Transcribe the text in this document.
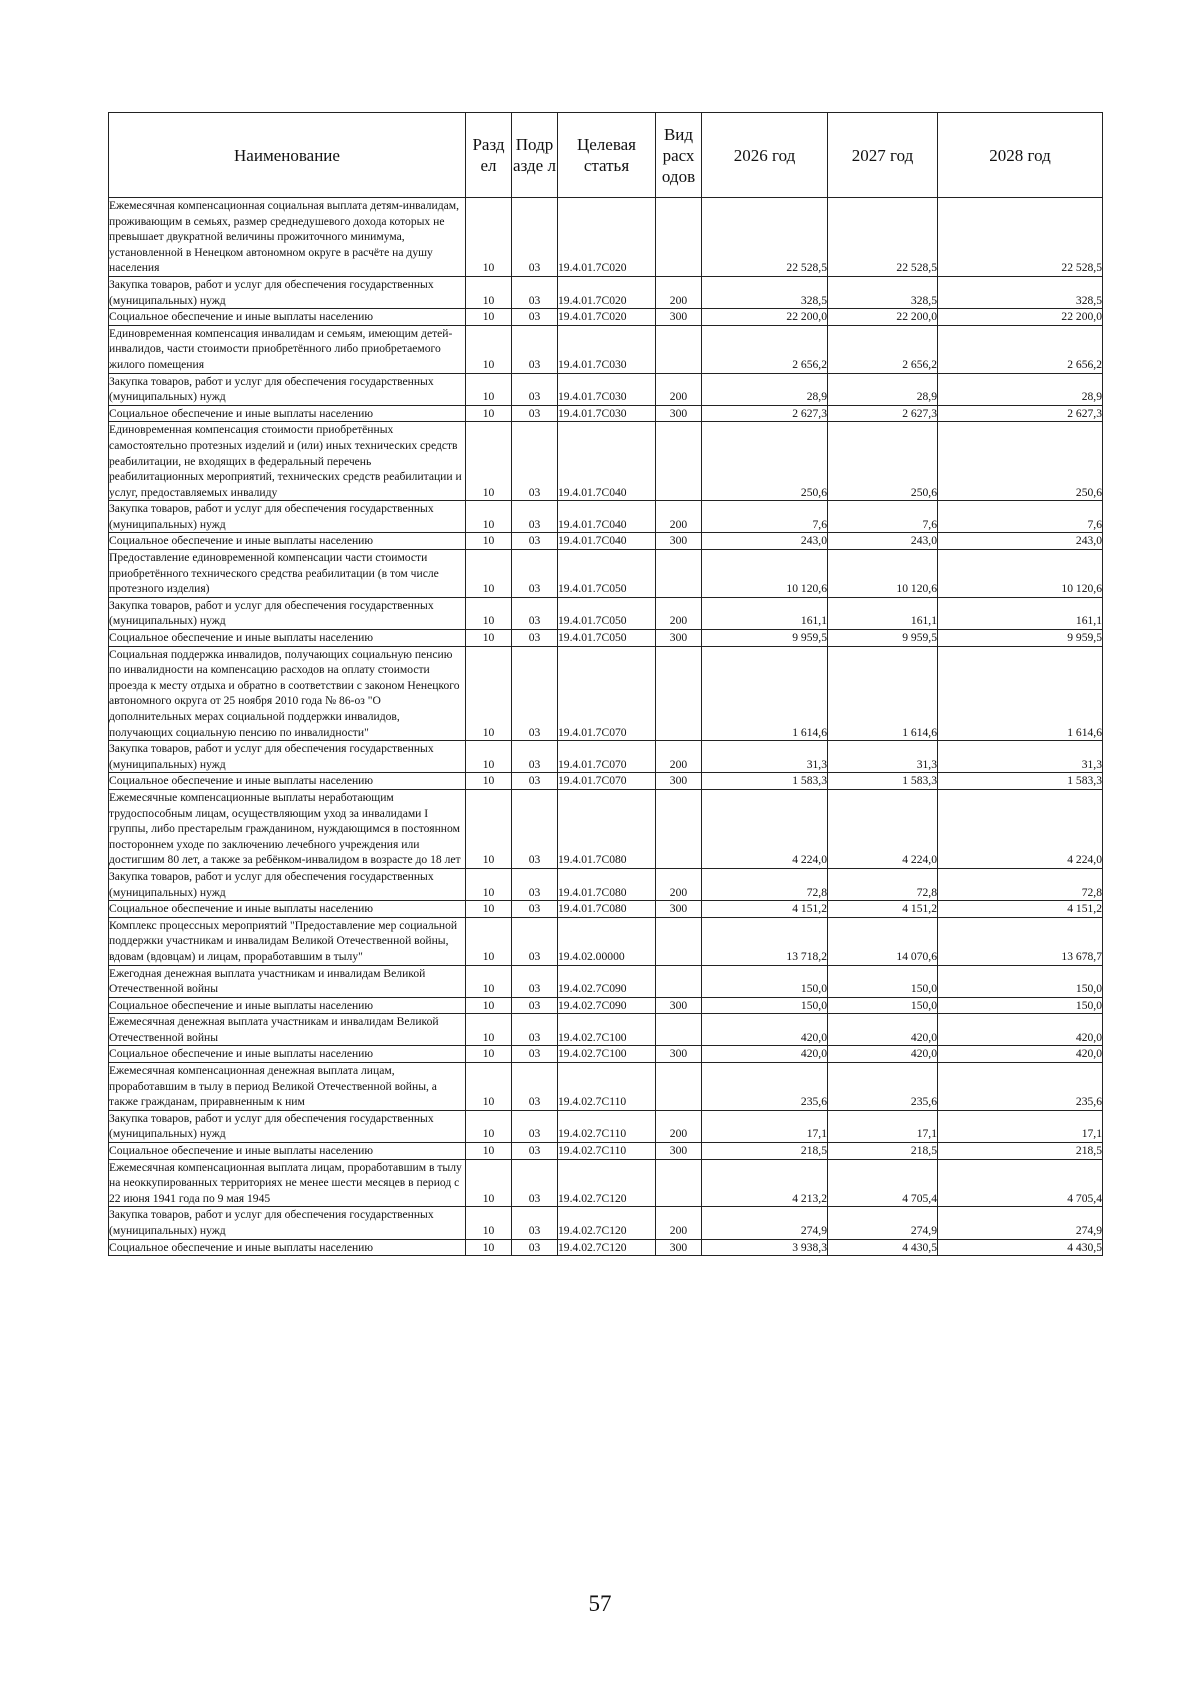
Наименование	Разд ел	Подр азде л	Целевая статья	Вид расх одов	2026 год	2027 год	2028 год
Ежемесячная компенсационная социальная выплата детям-инвалидам, проживающим в семьях, размер среднедушевого дохода которых не превышает двукратной величины прожиточного минимума, установленной в Ненецком автономном округе в расчёте на душу населения	10	03	19.4.01.7С020		22 528,5	22 528,5	22 528,5
Закупка товаров, работ и услуг для обеспечения государственных (муниципальных) нужд	10	03	19.4.01.7С020	200	328,5	328,5	328,5
Социальное обеспечение и иные выплаты населению	10	03	19.4.01.7С020	300	22 200,0	22 200,0	22 200,0
Единовременная компенсация инвалидам и семьям, имеющим детей-инвалидов, части стоимости приобретённого либо приобретаемого жилого помещения	10	03	19.4.01.7С030		2 656,2	2 656,2	2 656,2
Закупка товаров, работ и услуг для обеспечения государственных (муниципальных) нужд	10	03	19.4.01.7С030	200	28,9	28,9	28,9
Социальное обеспечение и иные выплаты населению	10	03	19.4.01.7С030	300	2 627,3	2 627,3	2 627,3
Единовременная компенсация стоимости приобретённых самостоятельно протезных изделий и (или) иных технических средств реабилитации, не входящих в федеральный перечень реабилитационных мероприятий, технических средств реабилитации и услуг, предоставляемых инвалиду	10	03	19.4.01.7С040		250,6	250,6	250,6
Закупка товаров, работ и услуг для обеспечения государственных (муниципальных) нужд	10	03	19.4.01.7С040	200	7,6	7,6	7,6
Социальное обеспечение и иные выплаты населению	10	03	19.4.01.7С040	300	243,0	243,0	243,0
Предоставление единовременной компенсации части стоимости приобретённого технического средства реабилитации (в том числе протезного изделия)	10	03	19.4.01.7С050		10 120,6	10 120,6	10 120,6
Закупка товаров, работ и услуг для обеспечения государственных (муниципальных) нужд	10	03	19.4.01.7С050	200	161,1	161,1	161,1
Социальное обеспечение и иные выплаты населению	10	03	19.4.01.7С050	300	9 959,5	9 959,5	9 959,5
Социальная поддержка инвалидов, получающих социальную пенсию по инвалидности на компенсацию расходов на оплату стоимости проезда к месту отдыха и обратно в соответствии с законом Ненецкого автономного округа от 25 ноября 2010 года № 86-оз "О дополнительных мерах социальной поддержки инвалидов, получающих социальную пенсию по инвалидности"	10	03	19.4.01.7С070		1 614,6	1 614,6	1 614,6
Закупка товаров, работ и услуг для обеспечения государственных (муниципальных) нужд	10	03	19.4.01.7С070	200	31,3	31,3	31,3
Социальное обеспечение и иные выплаты населению	10	03	19.4.01.7С070	300	1 583,3	1 583,3	1 583,3
Ежемесячные компенсационные выплаты неработающим трудоспособным лицам, осуществляющим уход за инвалидами I группы, либо престарелым гражданином, нуждающимся в постоянном постороннем уходе по заключению лечебного учреждения или достигшим 80 лет, а также за ребёнком-инвалидом в возрасте до 18 лет	10	03	19.4.01.7С080		4 224,0	4 224,0	4 224,0
Закупка товаров, работ и услуг для обеспечения государственных (муниципальных) нужд	10	03	19.4.01.7С080	200	72,8	72,8	72,8
Социальное обеспечение и иные выплаты населению	10	03	19.4.01.7С080	300	4 151,2	4 151,2	4 151,2
Комплекс процессных мероприятий "Предоставление мер социальной поддержки участникам и инвалидам Великой Отечественной войны, вдовам (вдовцам) и лицам, проработавшим в тылу"	10	03	19.4.02.00000		13 718,2	14 070,6	13 678,7
Ежегодная денежная выплата участникам и инвалидам Великой Отечественной войны	10	03	19.4.02.7С090		150,0	150,0	150,0
Социальное обеспечение и иные выплаты населению	10	03	19.4.02.7С090	300	150,0	150,0	150,0
Ежемесячная денежная выплата участникам и инвалидам Великой Отечественной войны	10	03	19.4.02.7С100		420,0	420,0	420,0
Социальное обеспечение и иные выплаты населению	10	03	19.4.02.7С100	300	420,0	420,0	420,0
Ежемесячная компенсационная денежная выплата лицам, проработавшим в тылу в период Великой Отечественной войны, а также гражданам, приравненным к ним	10	03	19.4.02.7С110		235,6	235,6	235,6
Закупка товаров, работ и услуг для обеспечения государственных (муниципальных) нужд	10	03	19.4.02.7С110	200	17,1	17,1	17,1
Социальное обеспечение и иные выплаты населению	10	03	19.4.02.7С110	300	218,5	218,5	218,5
Ежемесячная компенсационная выплата лицам, проработавшим в тылу на неоккупированных территориях не менее шести месяцев в период с 22 июня 1941 года по 9 мая 1945	10	03	19.4.02.7С120		4 213,2	4 705,4	4 705,4
Закупка товаров, работ и услуг для обеспечения государственных (муниципальных) нужд	10	03	19.4.02.7С120	200	274,9	274,9	274,9
Социальное обеспечение и иные выплаты населению	10	03	19.4.02.7С120	300	3 938,3	4 430,5	4 430,5
57
